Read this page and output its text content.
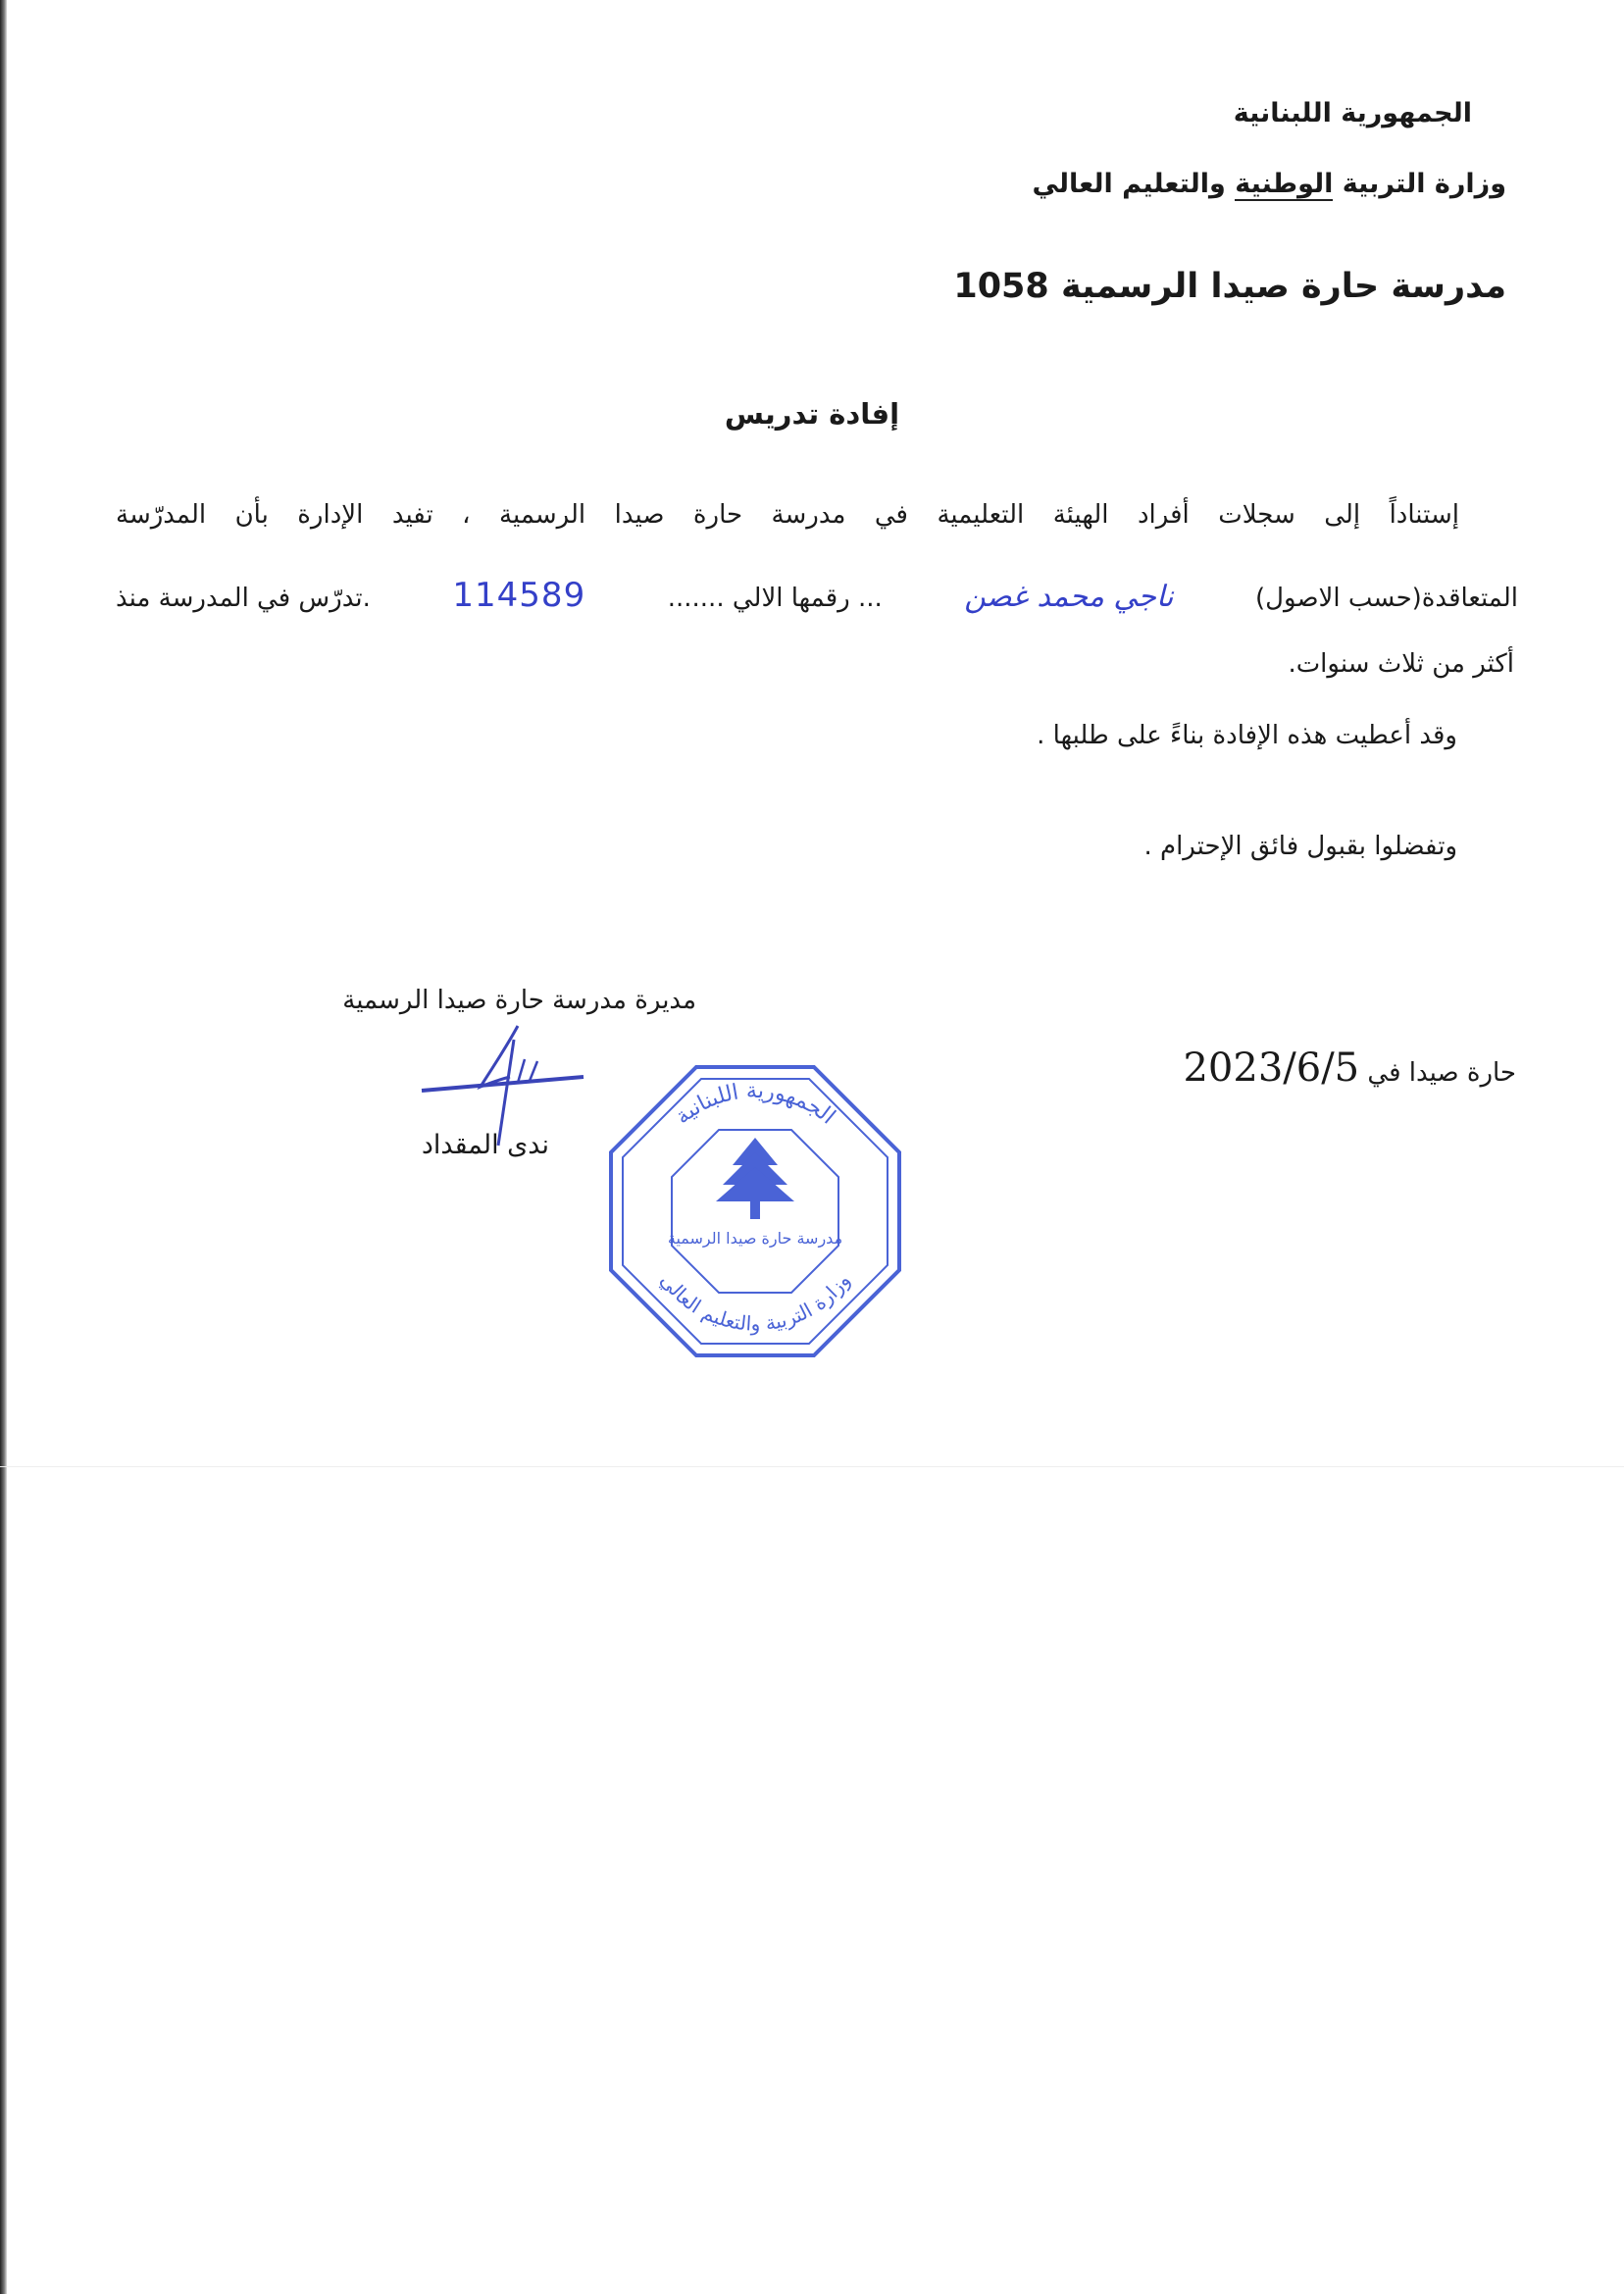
الجمهورية اللبنانية
وزارة التربية الوطنية والتعليم العالي
مدرسة حارة صيدا الرسمية 1058
إفادة تدريس
إستناداً إلى سجلات أفراد الهيئة التعليمية في مدرسة حارة صيدا الرسمية ، تفيد الإدارة بأن المدرّسة
المتعاقدة(حسب الاصول)
ناجي محمد غصن
... رقمها الالي .......
114589
.تدرّس في المدرسة منذ
أكثر من ثلاث سنوات.
وقد أعطيت هذه الإفادة بناءً على طلبها .
وتفضلوا بقبول فائق الإحترام .
حارة صيدا في 2023/6/5
مديرة مدرسة حارة صيدا الرسمية
ندى المقداد
الجمهورية اللبنانية
وزارة التربية والتعليم العالي
مدرسة حارة صيدا الرسمية
